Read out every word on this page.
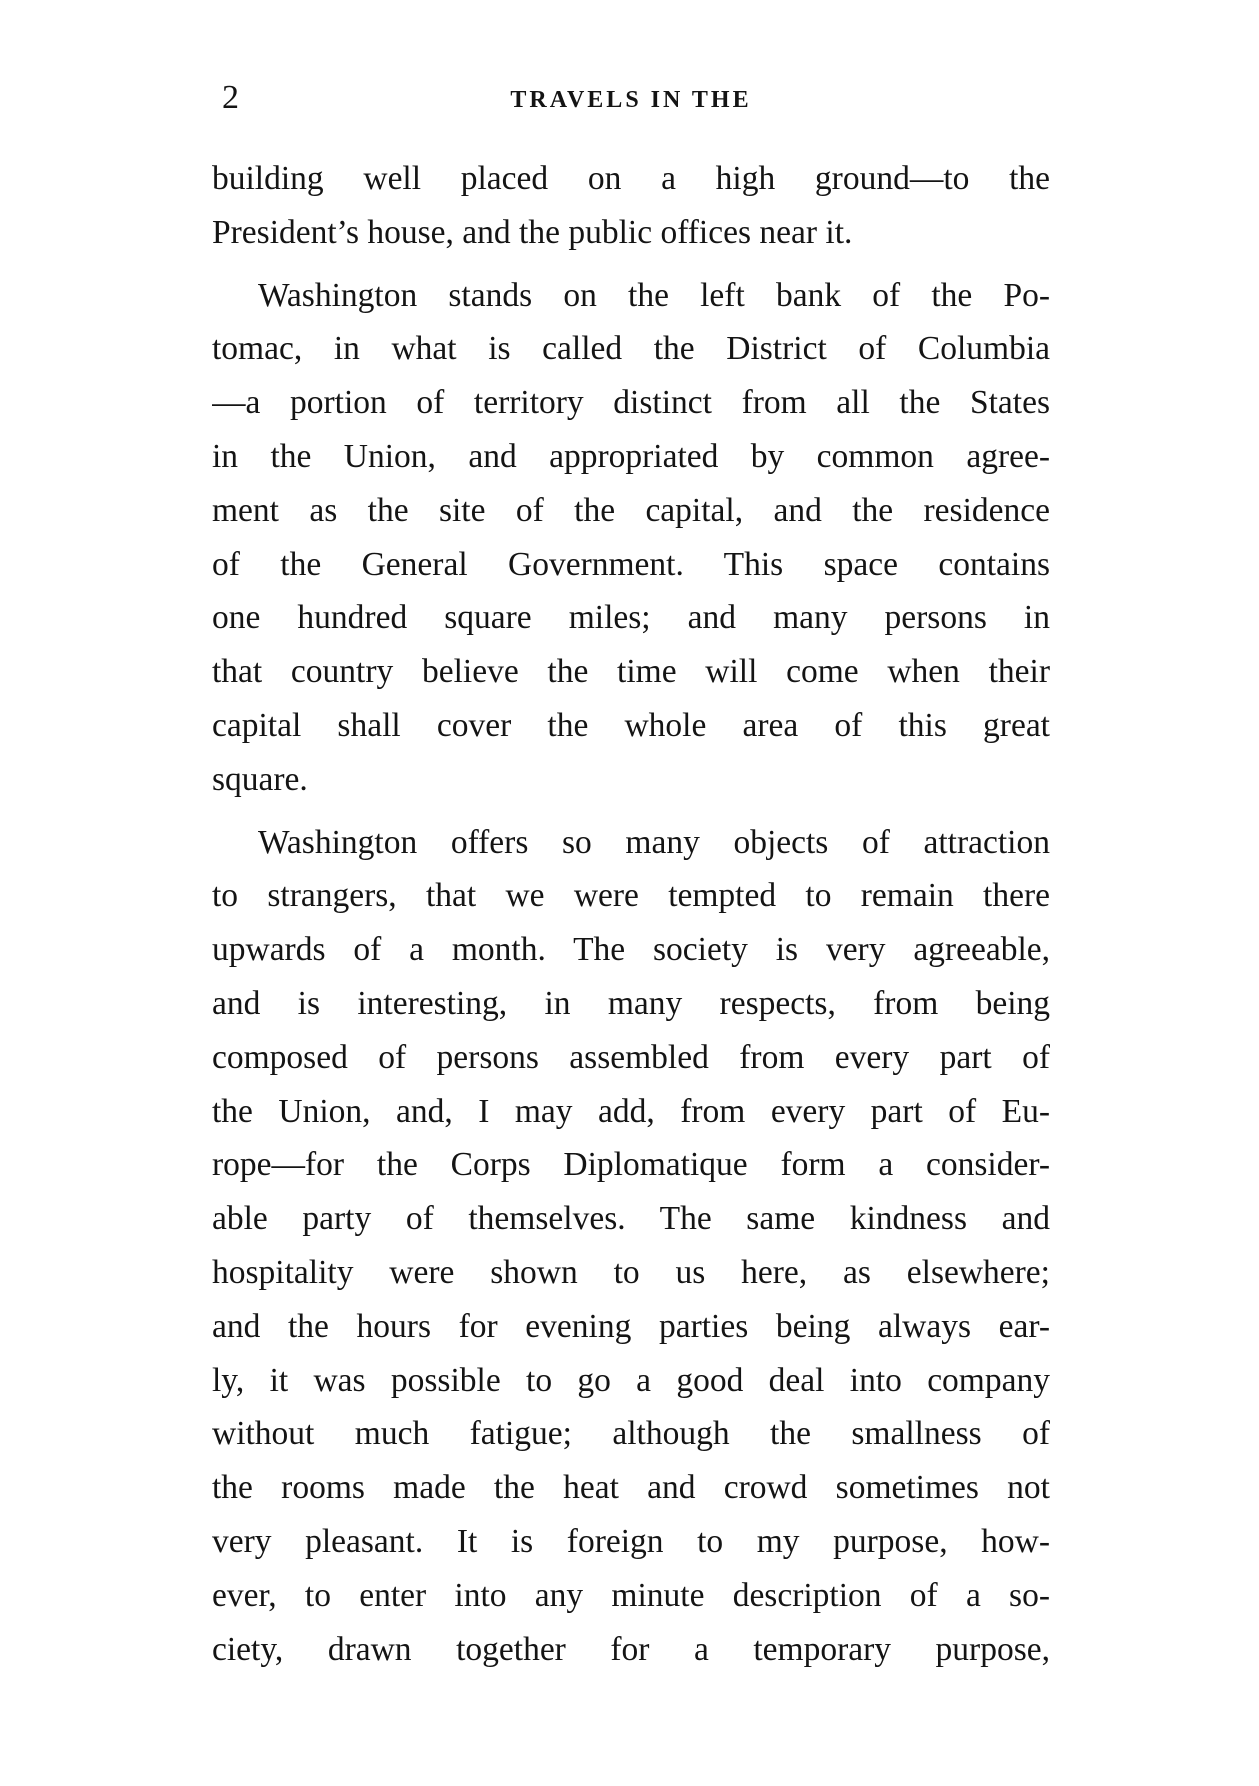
2	TRAVELS IN THE
building well placed on a high ground—to the
President’s house, and the public offices near it.
Washington stands on the left bank of the Po-
tomac, in what is called the District of Columbia
—a portion of territory distinct from all the States
in the Union, and appropriated by common agree-
ment as the site of the capital, and the residence
of the General Government. This space contains
one hundred square miles; and many persons in
that country believe the time will come when their
capital shall cover the whole area of this great
square.
Washington offers so many objects of attraction
to strangers, that we were tempted to remain there
upwards of a month. The society is very agreeable,
and is interesting, in many respects, from being
composed of persons assembled from every part of
the Union, and, I may add, from every part of Eu-
rope—for the Corps Diplomatique form a consider-
able party of themselves. The same kindness and
hospitality were shown to us here, as elsewhere;
and the hours for evening parties being always ear-
ly, it was possible to go a good deal into company
without much fatigue; although the smallness of
the rooms made the heat and crowd sometimes not
very pleasant. It is foreign to my purpose, how-
ever, to enter into any minute description of a so-
ciety, drawn together for a temporary purpose,
